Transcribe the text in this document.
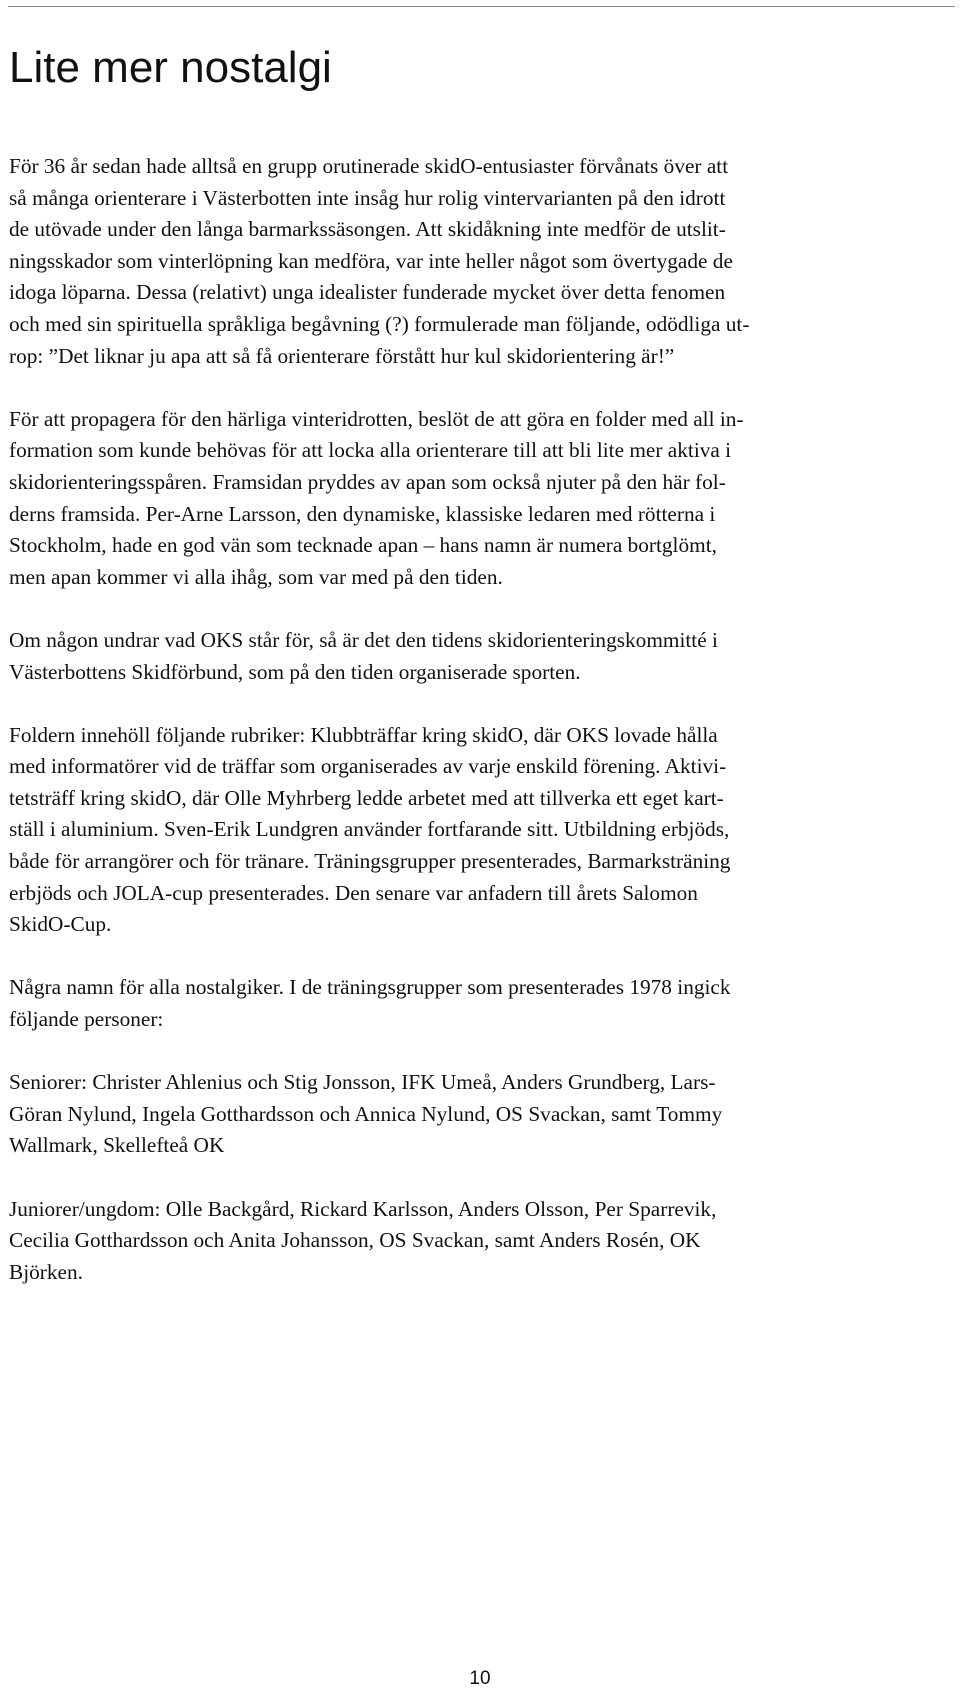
Lite mer nostalgi

För 36 år sedan hade alltså en grupp orutinerade skidO-entusiaster förvånats över att
så många orienterare i Västerbotten inte insåg hur rolig vintervarianten på den idrott
de utövade under den långa barmarkssäsongen. Att skidåkning inte medför de utslit-
ningsskador som vinterlöpning kan medföra, var inte heller något som övertygade de
idoga löparna. Dessa (relativt) unga idealister funderade mycket över detta fenomen
och med sin spirituella språkliga begåvning (?) formulerade man följande, odödliga ut-
rop: ”Det liknar ju apa att så få orienterare förstått hur kul skidorientering är!”

För att propagera för den härliga vinteridrotten, beslöt de att göra en folder med all in-
formation som kunde behövas för att locka alla orienterare till att bli lite mer aktiva i
skidorienteringsspåren. Framsidan pryddes av apan som också njuter på den här fol-
derns framsida. Per-Arne Larsson, den dynamiske, klassiske ledaren med rötterna i
Stockholm, hade en god vän som tecknade apan – hans namn är numera bortglömt,
men apan kommer vi alla ihåg, som var med på den tiden.

Om någon undrar vad OKS står för, så är det den tidens skidorienteringskommitté i
Västerbottens Skidförbund, som på den tiden organiserade sporten.

Foldern innehöll följande rubriker: Klubbträffar kring skidO, där OKS lovade hålla
med informatörer vid de träffar som organiserades av varje enskild förening. Aktivi-
tetsträff kring skidO, där Olle Myhrberg ledde arbetet med att tillverka ett eget kart-
ställ i aluminium. Sven-Erik Lundgren använder fortfarande sitt. Utbildning erbjöds,
både för arrangörer och för tränare. Träningsgrupper presenterades, Barmarksträning
erbjöds och JOLA-cup presenterades. Den senare var anfadern till årets Salomon
SkidO-Cup.

Några namn för alla nostalgiker. I de träningsgrupper som presenterades 1978 ingick
följande personer:

Seniorer: Christer Ahlenius och Stig Jonsson, IFK Umeå, Anders Grundberg, Lars-
Göran Nylund, Ingela Gotthardsson och Annica Nylund, OS Svackan, samt Tommy
Wallmark, Skellefteå OK

Juniorer/ungdom: Olle Backgård, Rickard Karlsson, Anders Olsson, Per Sparrevik,
Cecilia Gotthardsson och Anita Johansson, OS Svackan, samt Anders Rosén, OK
Björken.

10
